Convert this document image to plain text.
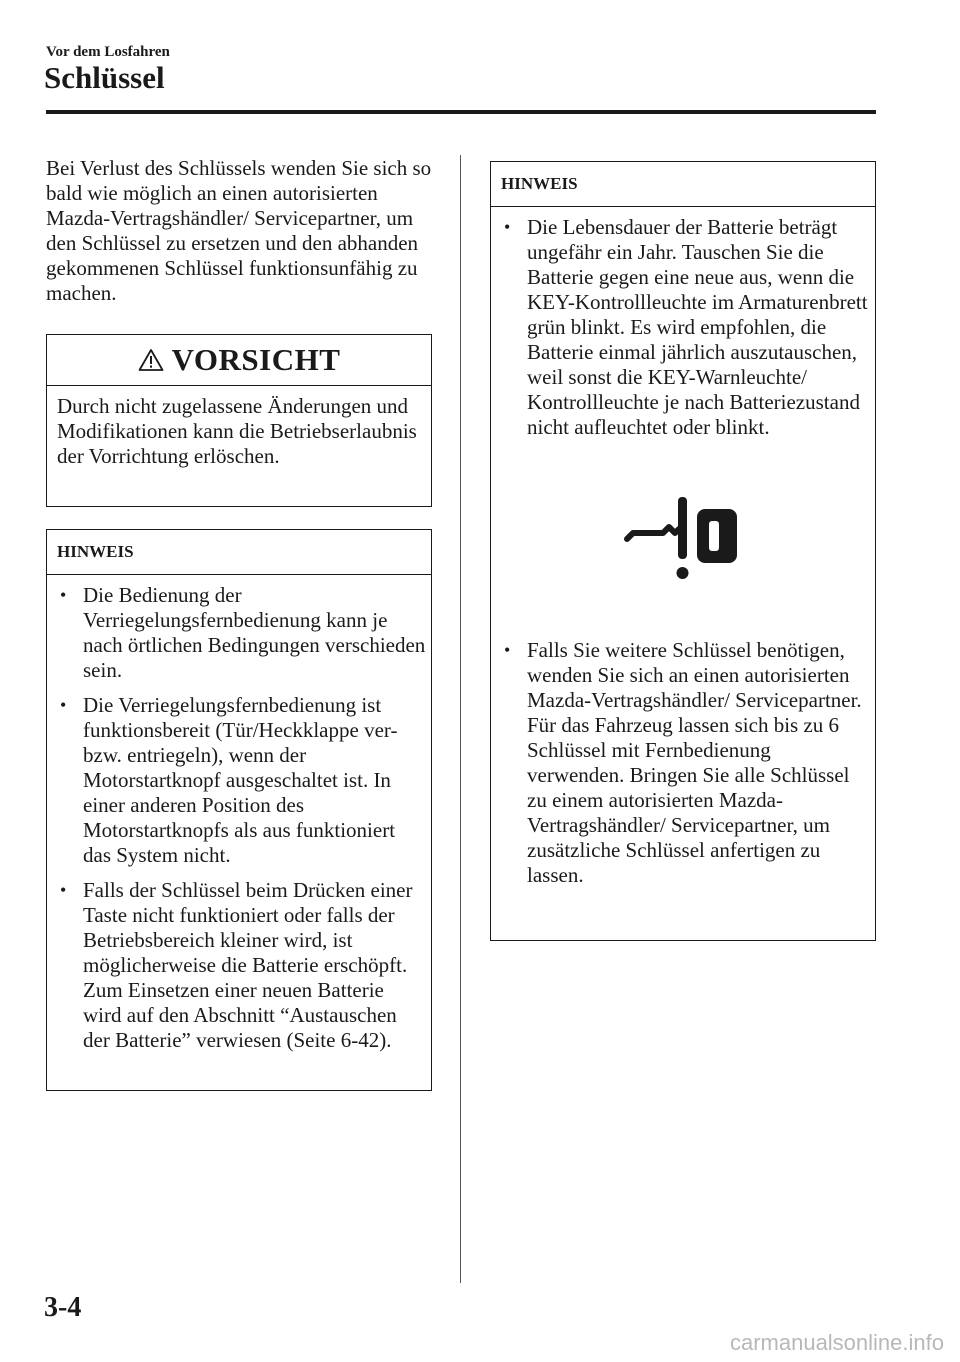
Vor dem Losfahren
Schlüssel

Bei Verlust des Schlüssels wenden Sie sich so bald wie möglich an einen autorisierten Mazda-Vertragshändler/ Servicepartner, um den Schlüssel zu ersetzen und den abhanden gekommenen Schlüssel funktionsunfähig zu machen.

VORSICHT

Durch nicht zugelassene Änderungen und Modifikationen kann die Betriebserlaubnis der Vorrichtung erlöschen.

HINWEIS
• Die Bedienung der Verriegelungsfernbedienung kann je nach örtlichen Bedingungen verschieden sein.
• Die Verriegelungsfernbedienung ist funktionsbereit (Tür/Heckklappe ver- bzw. entriegeln), wenn der Motorstartknopf ausgeschaltet ist. In einer anderen Position des Motorstartknopfs als aus funktioniert das System nicht.
• Falls der Schlüssel beim Drücken einer Taste nicht funktioniert oder falls der Betriebsbereich kleiner wird, ist möglicherweise die Batterie erschöpft. Zum Einsetzen einer neuen Batterie wird auf den Abschnitt “Austauschen der Batterie” verwiesen (Seite 6-42).
HINWEIS
• Die Lebensdauer der Batterie beträgt ungefähr ein Jahr. Tauschen Sie die Batterie gegen eine neue aus, wenn die KEY-Kontrollleuchte im Armaturenbrett grün blinkt. Es wird empfohlen, die Batterie einmal jährlich auszutauschen, weil sonst die KEY-Warnleuchte/ Kontrollleuchte je nach Batteriezustand nicht aufleuchtet oder blinkt.
• Falls Sie weitere Schlüssel benötigen, wenden Sie sich an einen autorisierten Mazda-Vertragshändler/ Servicepartner. Für das Fahrzeug lassen sich bis zu 6 Schlüssel mit Fernbedienung verwenden. Bringen Sie alle Schlüssel zu einem autorisierten Mazda-Vertragshändler/ Servicepartner, um zusätzliche Schlüssel anfertigen zu lassen.
3-4
carmanualsonline.info
